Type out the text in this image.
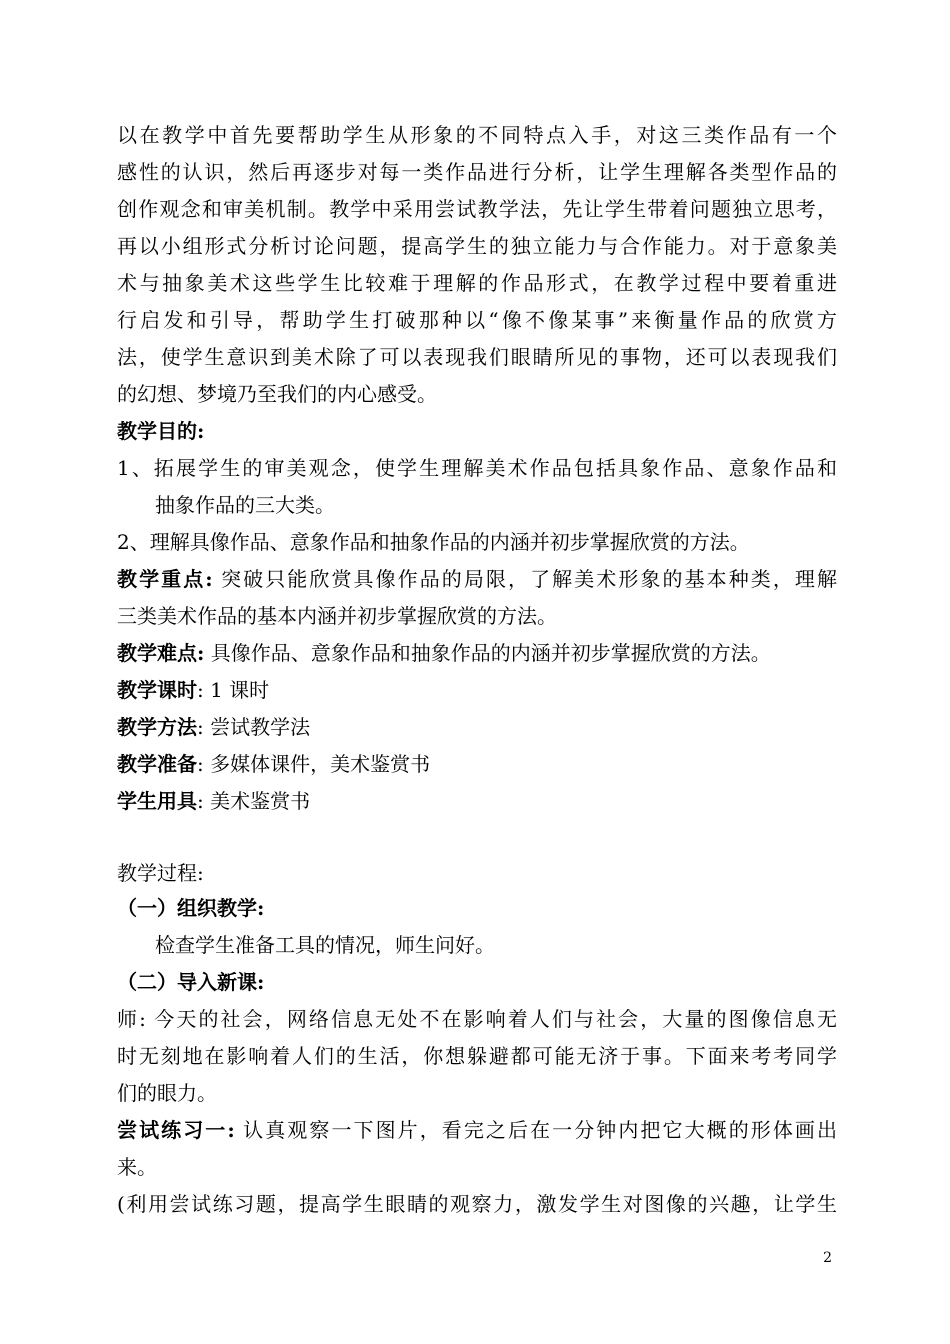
以在教学中首先要帮助学生从形象的不同特点入手，对这三类作品有一个
感性的认识，然后再逐步对每一类作品进行分析，让学生理解各类型作品的
创作观念和审美机制。教学中采用尝试教学法，先让学生带着问题独立思考，
再以小组形式分析讨论问题，提高学生的独立能力与合作能力。对于意象美
术与抽象美术这些学生比较难于理解的作品形式，在教学过程中要着重进
行启发和引导，帮助学生打破那种以“像不像某事”来衡量作品的欣赏方
法，使学生意识到美术除了可以表现我们眼睛所见的事物，还可以表现我们
的幻想、梦境乃至我们的内心感受。
教学目的:
1、拓展学生的审美观念，使学生理解美术作品包括具象作品、意象作品和
抽象作品的三大类。
2、理解具像作品、意象作品和抽象作品的内涵并初步掌握欣赏的方法。
教学重点: 突破只能欣赏具像作品的局限，了解美术形象的基本种类，理解
三类美术作品的基本内涵并初步掌握欣赏的方法。
教学难点: 具像作品、意象作品和抽象作品的内涵并初步掌握欣赏的方法。
教学课时: 1 课时
教学方法: 尝试教学法
教学准备: 多媒体课件，美术鉴赏书
学生用具: 美术鉴赏书
教学过程:
（一）组织教学:
检查学生准备工具的情况，师生问好。
（二）导入新课:
师: 今天的社会，网络信息无处不在影响着人们与社会，大量的图像信息无
时无刻地在影响着人们的生活，你想躲避都可能无济于事。下面来考考同学
们的眼力。
尝试练习一: 认真观察一下图片，看完之后在一分钟内把它大概的形体画出
来。
(利用尝试练习题，提高学生眼睛的观察力，激发学生对图像的兴趣，让学生
2
